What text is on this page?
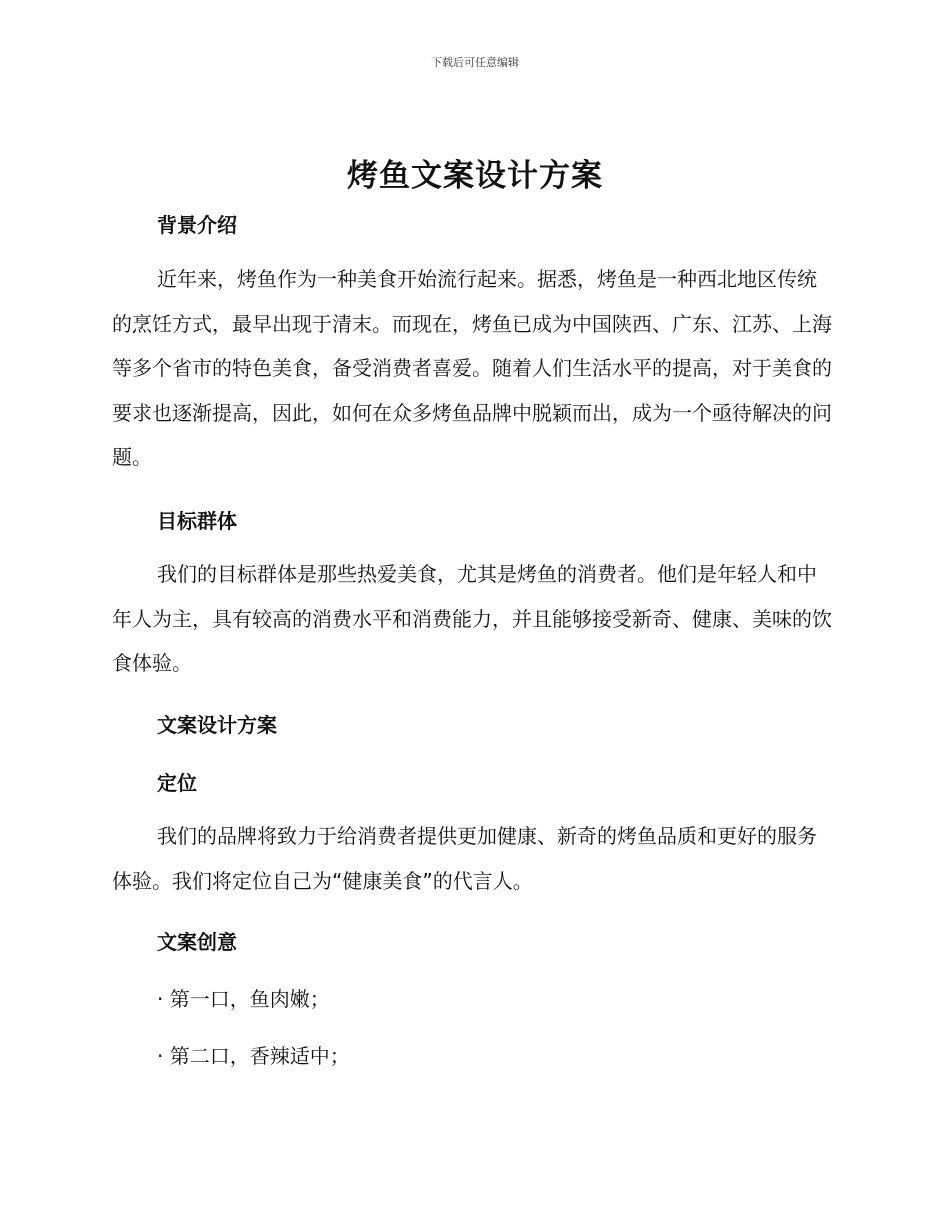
下载后可任意编辑
烤鱼文案设计方案
背景介绍
近年来，烤鱼作为一种美食开始流行起来。据悉，烤鱼是一种西北地区传统的烹饪方式，最早出现于清末。而现在，烤鱼已成为中国陕西、广东、江苏、上海等多个省市的特色美食，备受消费者喜爱。随着人们生活水平的提高，对于美食的要求也逐渐提高，因此，如何在众多烤鱼品牌中脱颖而出，成为一个亟待解决的问题。
目标群体
我们的目标群体是那些热爱美食，尤其是烤鱼的消费者。他们是年轻人和中年人为主，具有较高的消费水平和消费能力，并且能够接受新奇、健康、美味的饮食体验。
文案设计方案
定位
我们的品牌将致力于给消费者提供更加健康、新奇的烤鱼品质和更好的服务体验。我们将定位自己为“健康美食”的代言人。
文案创意
· 第一口，鱼肉嫩；
· 第二口，香辣适中；
